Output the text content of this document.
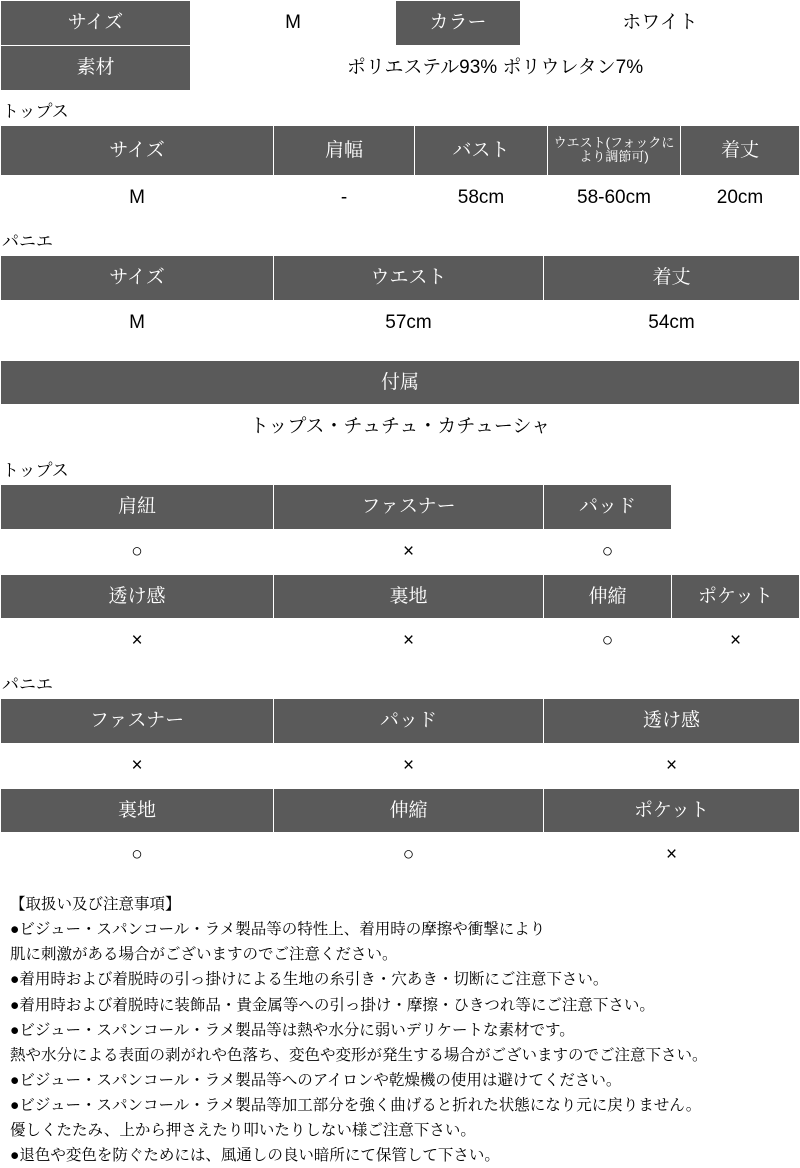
サイズ	M	カラー	ホワイト
素材	ポリエステル93% ポリウレタン7%		
トップス
サイズ	肩幅	バスト	ウエスト(フォックにより調節可)	着丈
M	-	58cm	58-60cm	20cm
パニエ
サイズ	ウエスト	着丈
M	57cm	54cm
付属
トップス・チュチュ・カチューシャ
トップス
肩紐	ファスナー	パッド	
○	×	○	
透け感	裏地	伸縮	ポケット
×	×	○	×
パニエ
ファスナー	パッド	透け感
×	×	×
裏地	伸縮	ポケット
○	○	×
【取扱い及び注意事項】
●ビジュー・スパンコール・ラメ製品等の特性上、着用時の摩擦や衝撃により
肌に刺激がある場合がございますのでご注意ください。
●着用時および着脱時の引っ掛けによる生地の糸引き・穴あき・切断にご注意下さい。
●着用時および着脱時に装飾品・貴金属等への引っ掛け・摩擦・ひきつれ等にご注意下さい。
●ビジュー・スパンコール・ラメ製品等は熱や水分に弱いデリケートな素材です。
熱や水分による表面の剥がれや色落ち、変色や変形が発生する場合がございますのでご注意下さい。
●ビジュー・スパンコール・ラメ製品等へのアイロンや乾燥機の使用は避けてください。
●ビジュー・スパンコール・ラメ製品等加工部分を強く曲げると折れた状態になり元に戻りません。
優しくたたみ、上から押さえたり叩いたりしない様ご注意下さい。
●退色や変色を防ぐためには、風通しの良い暗所にて保管して下さい。
